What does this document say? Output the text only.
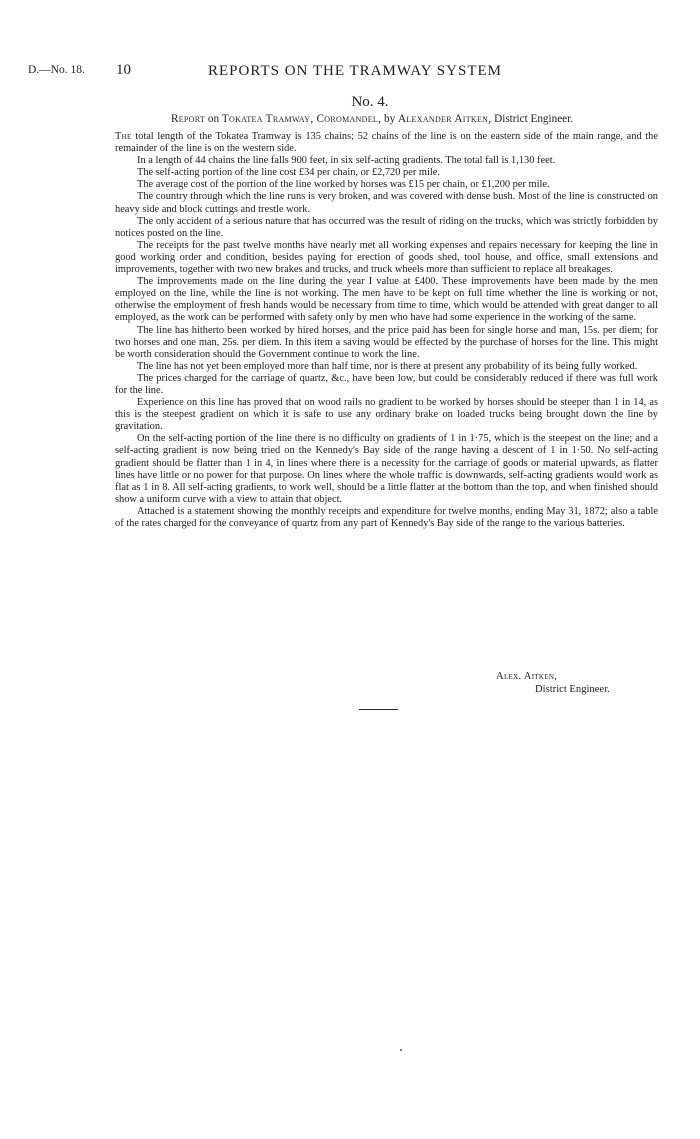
D.—No. 18. 10	REPORTS ON THE TRAMWAY SYSTEM
No. 4.
Report on Tokatea Tramway, Coromandel, by Alexander Aitken, District Engineer.

The total length of the Tokatea Tramway is 135 chains; 52 chains of the line is on the eastern side of the main range, and the remainder of the line is on the western side.

In a length of 44 chains the line falls 900 feet, in six self-acting gradients. The total fall is 1,130 feet.

The self-acting portion of the line cost £34 per chain, or £2,720 per mile.

The average cost of the portion of the line worked by horses was £15 per chain, or £1,200 per mile.

The country through which the line runs is very broken, and was covered with dense bush. Most of the line is constructed on heavy side and block cuttings and trestle work.

The only accident of a serious nature that has occurred was the result of riding on the trucks, which was strictly forbidden by notices posted on the line.

The receipts for the past twelve months have nearly met all working expenses and repairs necessary for keeping the line in good working order and condition, besides paying for erection of goods shed, tool house, and office, small extensions and improvements, together with two new brakes and trucks, and truck wheels more than sufficient to replace all breakages.

The improvements made on the line during the year I value at £400. These improvements have been made by the men employed on the line, while the line is not working. The men have to be kept on full time whether the line is working or not, otherwise the employment of fresh hands would be necessary from time to time, which would be attended with great danger to all employed, as the work can be performed with safety only by men who have had some experience in the working of the same.

The line has hitherto been worked by hired horses, and the price paid has been for single horse and man, 15s. per diem; for two horses and one man, 25s. per diem. In this item a saving would be effected by the purchase of horses for the line. This might be worth consideration should the Government continue to work the line.

The line has not yet been employed more than half time, nor is there at present any probability of its being fully worked.

The prices charged for the carriage of quartz, &c., have been low, but could be considerably reduced if there was full work for the line.

Experience on this line has proved that on wood rails no gradient to be worked by horses should be steeper than 1 in 14, as this is the steepest gradient on which it is safe to use any ordinary brake on loaded trucks being brought down the line by gravitation.

On the self-acting portion of the line there is no difficulty on gradients of 1 in 1·75, which is the steepest on the line; and a self-acting gradient is now being tried on the Kennedy's Bay side of the range having a descent of 1 in 1·50. No self-acting gradient should be flatter than 1 in 4, in lines where there is a necessity for the carriage of goods or material upwards, as flatter lines have little or no power for that purpose. On lines where the whole traffic is downwards, self-acting gradients would work as flat as 1 in 8. All self-acting gradients, to work well, should be a little flatter at the bottom than the top, and when finished should show a uniform curve with a view to attain that object.

Attached is a statement showing the monthly receipts and expenditure for twelve months, ending May 31, 1872; also a table of the rates charged for the conveyance of quartz from any part of Kennedy's Bay side of the range to the various batteries.

Alex. Aitken,
District Engineer.
